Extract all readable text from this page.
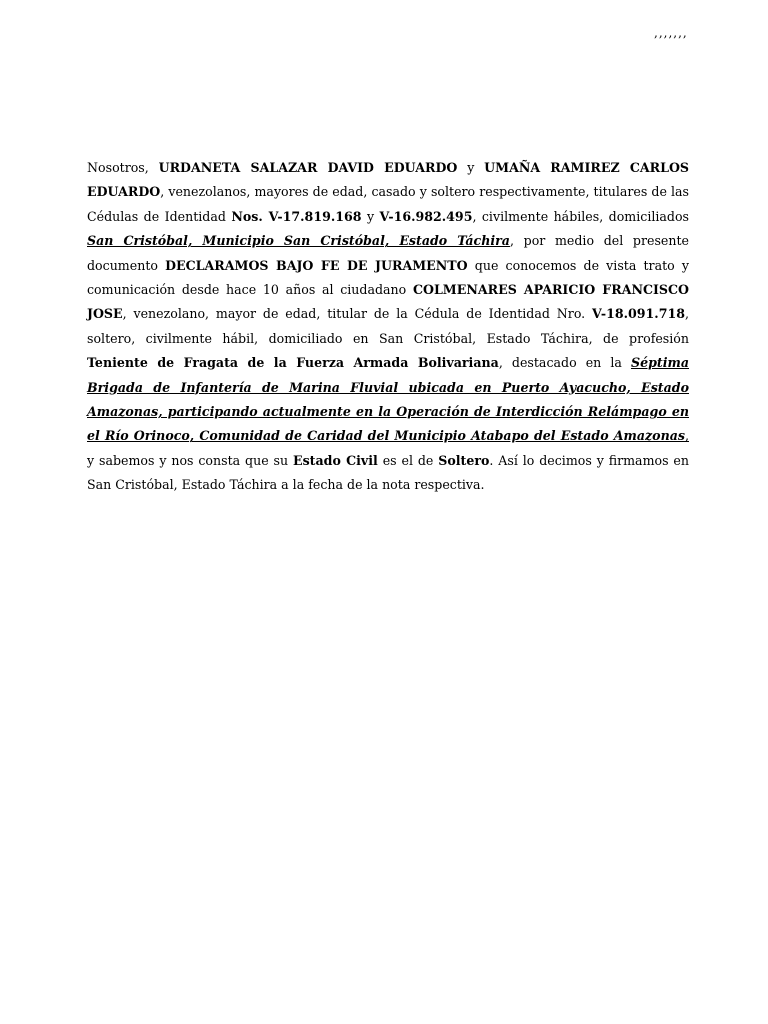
,,,,,,,
Nosotros, URDANETA SALAZAR DAVID EDUARDO y UMAÑA RAMIREZ CARLOS EDUARDO, venezolanos, mayores de edad, casado y soltero respectivamente, titulares de las Cédulas de Identidad Nos. V-17.819.168 y V-16.982.495, civilmente hábiles, domiciliados San Cristóbal, Municipio San Cristóbal, Estado Táchira, por medio del presente documento DECLARAMOS BAJO FE DE JURAMENTO que conocemos de vista trato y comunicación desde hace 10 años al ciudadano COLMENARES APARICIO FRANCISCO JOSE, venezolano, mayor de edad, titular de la Cédula de Identidad Nro. V-18.091.718, soltero, civilmente hábil, domiciliado en San Cristóbal, Estado Táchira, de profesión Teniente de Fragata de la Fuerza Armada Bolivariana, destacado en la Séptima Brigada de Infantería de Marina Fluvial ubicada en Puerto Ayacucho, Estado Amazonas, participando actualmente en la Operación de Interdicción Relámpago en el Río Orinoco, Comunidad de Caridad del Municipio Atabapo del Estado Amazonas, y sabemos y nos consta que su Estado Civil es el de Soltero. Así lo decimos y firmamos en San Cristóbal, Estado Táchira a la fecha de la nota respectiva.
